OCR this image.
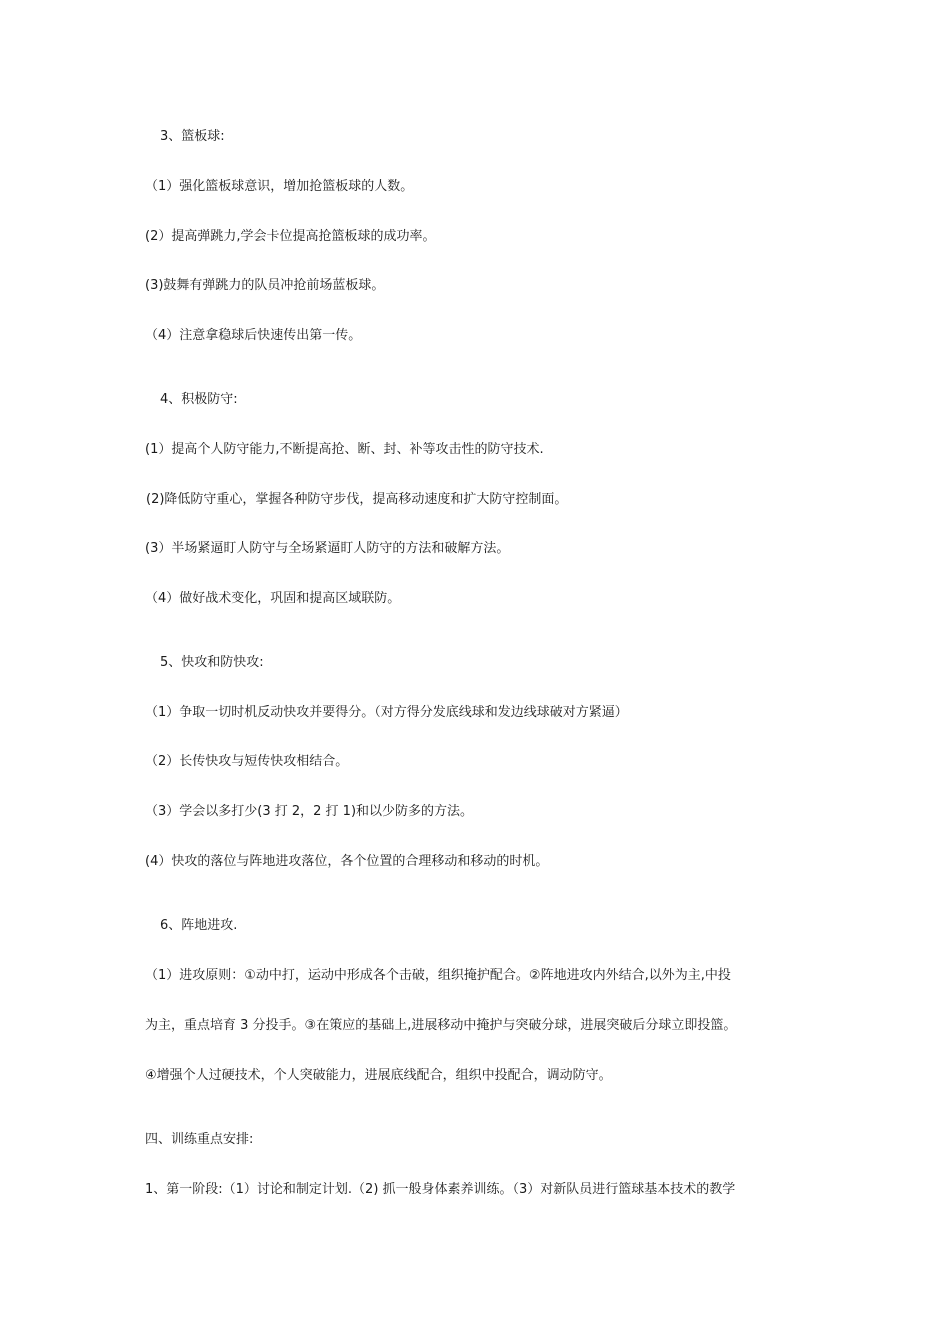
3、篮板球:
（1）强化篮板球意识，增加抢篮板球的人数。
(2）提高弹跳力,学会卡位提高抢篮板球的成功率。
(3)鼓舞有弹跳力的队员冲抢前场蓝板球。
（4）注意拿稳球后快速传出第一传。
4、积极防守:
(1）提高个人防守能力,不断提高抢、断、封、补等攻击性的防守技术.
(2)降低防守重心，掌握各种防守步伐，提高移动速度和扩大防守控制面。
(3）半场紧逼盯人防守与全场紧逼盯人防守的方法和破解方法。
（4）做好战术变化，巩固和提高区域联防。
5、快攻和防快攻:
（1）争取一切时机反动快攻并要得分。（对方得分发底线球和发边线球破对方紧逼）
（2）长传快攻与短传快攻相结合。
（3）学会以多打少(3 打 2，2 打 1)和以少防多的方法。
(4）快攻的落位与阵地进攻落位，各个位置的合理移动和移动的时机。
6、阵地进攻.
（1）进攻原则：①动中打，运动中形成各个击破，组织掩护配合。②阵地进攻内外结合,以外为主,中投
为主，重点培育 3 分投手。③在策应的基础上,进展移动中掩护与突破分球，进展突破后分球立即投篮。
④增强个人过硬技术，个人突破能力，进展底线配合，组织中投配合，调动防守。
四、训练重点安排:
1、第一阶段:（1）讨论和制定计划.（2) 抓一般身体素养训练。（3）对新队员进行篮球基本技术的教学
